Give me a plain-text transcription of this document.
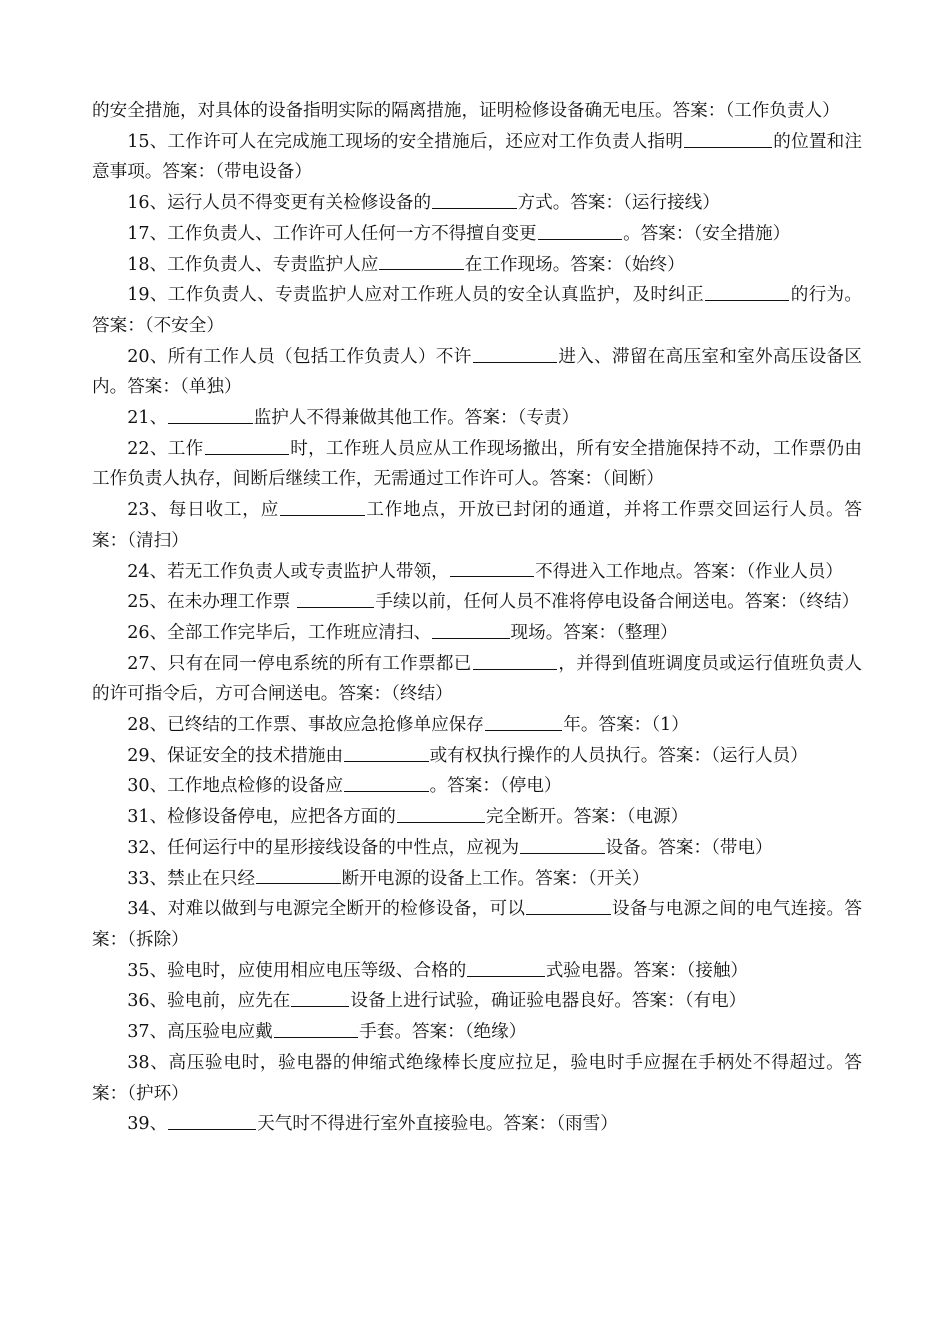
的安全措施，对具体的设备指明实际的隔离措施，证明检修设备确无电压。答案：（工作负责人）

15、工作许可人在完成施工现场的安全措施后，还应对工作负责人指明	的位置和注意事项。答案：（带电设备）

16、运行人员不得变更有关检修设备的	方式。答案：（运行接线）

17、工作负责人、工作许可人任何一方不得擅自变更	。答案：（安全措施）

18、工作负责人、专责监护人应	在工作现场。答案：（始终）

19、工作负责人、专责监护人应对工作班人员的安全认真监护，及时纠正	的行为。答案：（不安全）

20、所有工作人员（包括工作负责人）不许	进入、滞留在高压室和室外高压设备区内。答案：（单独）

21、	监护人不得兼做其他工作。答案：（专责）

22、工作	时，工作班人员应从工作现场撤出，所有安全措施保持不动，工作票仍由工作负责人执存，间断后继续工作，无需通过工作许可人。答案：（间断）

23、每日收工，应	工作地点，开放已封闭的通道，并将工作票交回运行人员。答案：（清扫）

24、若无工作负责人或专责监护人带领，	不得进入工作地点。答案：（作业人员）

25、在未办理工作票	手续以前，任何人员不准将停电设备合闸送电。答案：（终结）

26、全部工作完毕后，工作班应清扫、	现场。答案：（整理）

27、只有在同一停电系统的所有工作票都已	，并得到值班调度员或运行值班负责人的许可指令后，方可合闸送电。答案：（终结）

28、已终结的工作票、事故应急抢修单应保存	年。答案：（1）

29、保证安全的技术措施由	或有权执行操作的人员执行。答案：（运行人员）

30、工作地点检修的设备应	。答案：（停电）

31、检修设备停电，应把各方面的	完全断开。答案：（电源）

32、任何运行中的星形接线设备的中性点，应视为	设备。答案：（带电）

33、禁止在只经	断开电源的设备上工作。答案：（开关）

34、对难以做到与电源完全断开的检修设备，可以	设备与电源之间的电气连接。答案：（拆除）

35、验电时，应使用相应电压等级、合格的	式验电器。答案：（接触）

36、验电前，应先在	设备上进行试验，确证验电器良好。答案：（有电）

37、高压验电应戴	手套。答案：（绝缘）

38、高压验电时，验电器的伸缩式绝缘棒长度应拉足，验电时手应握在手柄处不得超过。答案：（护环）

39、	天气时不得进行室外直接验电。答案：（雨雪）
